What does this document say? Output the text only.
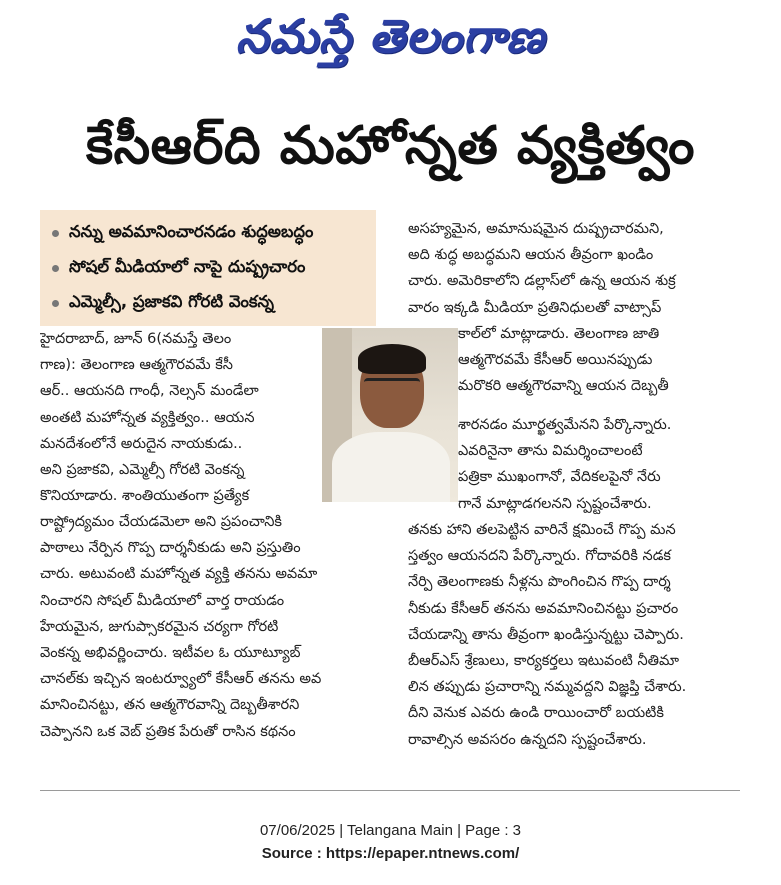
నమస్తే తెలంగాణ
కేసీఆర్‌ది మహోన్నత వ్యక్తిత్వం
నన్ను అవమానించారనడం శుద్ధఅబద్ధం
సోషల్ మీడియాలో నాపై దుష్ప్రచారం
ఎమ్మెల్సీ, ప్రజాకవి గోరటి వెంకన్న

హైదరాబాద్, జూన్ 6(నమస్తే తెలం

గాణ): తెలంగాణ ఆత్మగౌరవమే కేసీ

ఆర్.. ఆయనది గాంధీ, నెల్సన్ మండేలా

అంతటి మహోన్నత వ్యక్తిత్వం.. ఆయన

మనదేశంలోనే అరుదైన నాయకుడు..

అని ప్రజాకవి, ఎమ్మెల్సీ గోరటి వెంకన్న

కొనియాడారు. శాంతియుతంగా ప్రత్యేక

రాష్ట్రోద్యమం చేయడమెలా అని ప్రపంచానికి

పాఠాలు నేర్పిన గొప్ప దార్శనీకుడు అని ప్రస్తుతిం

చారు. అటువంటి మహోన్నత వ్యక్తి తనను అవమా

నించారని సోషల్ మీడియాలో వార్త రాయడం

హేయమైన, జుగుప్సాకరమైన చర్యగా గోరటి

వెంకన్న అభివర్ణించారు. ఇటీవల ఓ యూట్యూబ్

చానల్‌కు ఇచ్చిన ఇంటర్వ్యూలో కేసీఆర్ తనను అవ

మానించినట్టు, తన ఆత్మగౌరవాన్ని దెబ్బతీశారని

చెప్పానని ఒక వెబ్ ప్రతిక పేరుతో రాసిన కథనం

అసహ్యమైన, అమానుషమైన దుష్ప్రచారమని,

అది శుద్ధ అబద్ధమని ఆయన తీవ్రంగా ఖండిం

చారు. అమెరికాలోని డల్లాస్‌లో ఉన్న ఆయన శుక్ర

వారం ఇక్కడి మీడియా ప్రతినిధులతో వాట్సాప్

కాల్‌లో మాట్లాడారు. తెలంగాణ జాతి

ఆత్మగౌరవమే కేసీఆర్ అయినప్పుడు

మరొకరి ఆత్మగౌరవాన్ని ఆయన దెబ్బతీ

శారనడం మూర్ఖత్వమేనని పేర్కొన్నారు.

ఎవరినైనా తాను విమర్శించాలంటే

పత్రికా ముఖంగానో, వేదికలపైనో నేరు

గానే మాట్లాడగలనని స్పష్టంచేశారు.

తనకు హాని తలపెట్టిన వారినే క్షమించే గొప్ప మన

స్తత్వం ఆయనదని పేర్కొన్నారు. గోదావరికి నడక

నేర్పి తెలంగాణకు నీళ్లను పొంగించిన గొప్ప దార్శ

నీకుడు కేసీఆర్ తనను అవమానించినట్టు ప్రచారం

చేయడాన్ని తాను తీవ్రంగా ఖండిస్తున్నట్టు చెప్పారు.

బీఆర్‌ఎస్ శ్రేణులు, కార్యకర్తలు ఇటువంటి నీతిమా

లిన తప్పుడు ప్రచారాన్ని నమ్మవద్దని విజ్ఞప్తి చేశారు.

దీని వెనుక ఎవరు ఉండి రాయించారో బయటికి

రావాల్సిన అవసరం ఉన్నదని స్పష్టంచేశారు.

07/06/2025 | Telangana Main | Page : 3
Source : https://epaper.ntnews.com/
